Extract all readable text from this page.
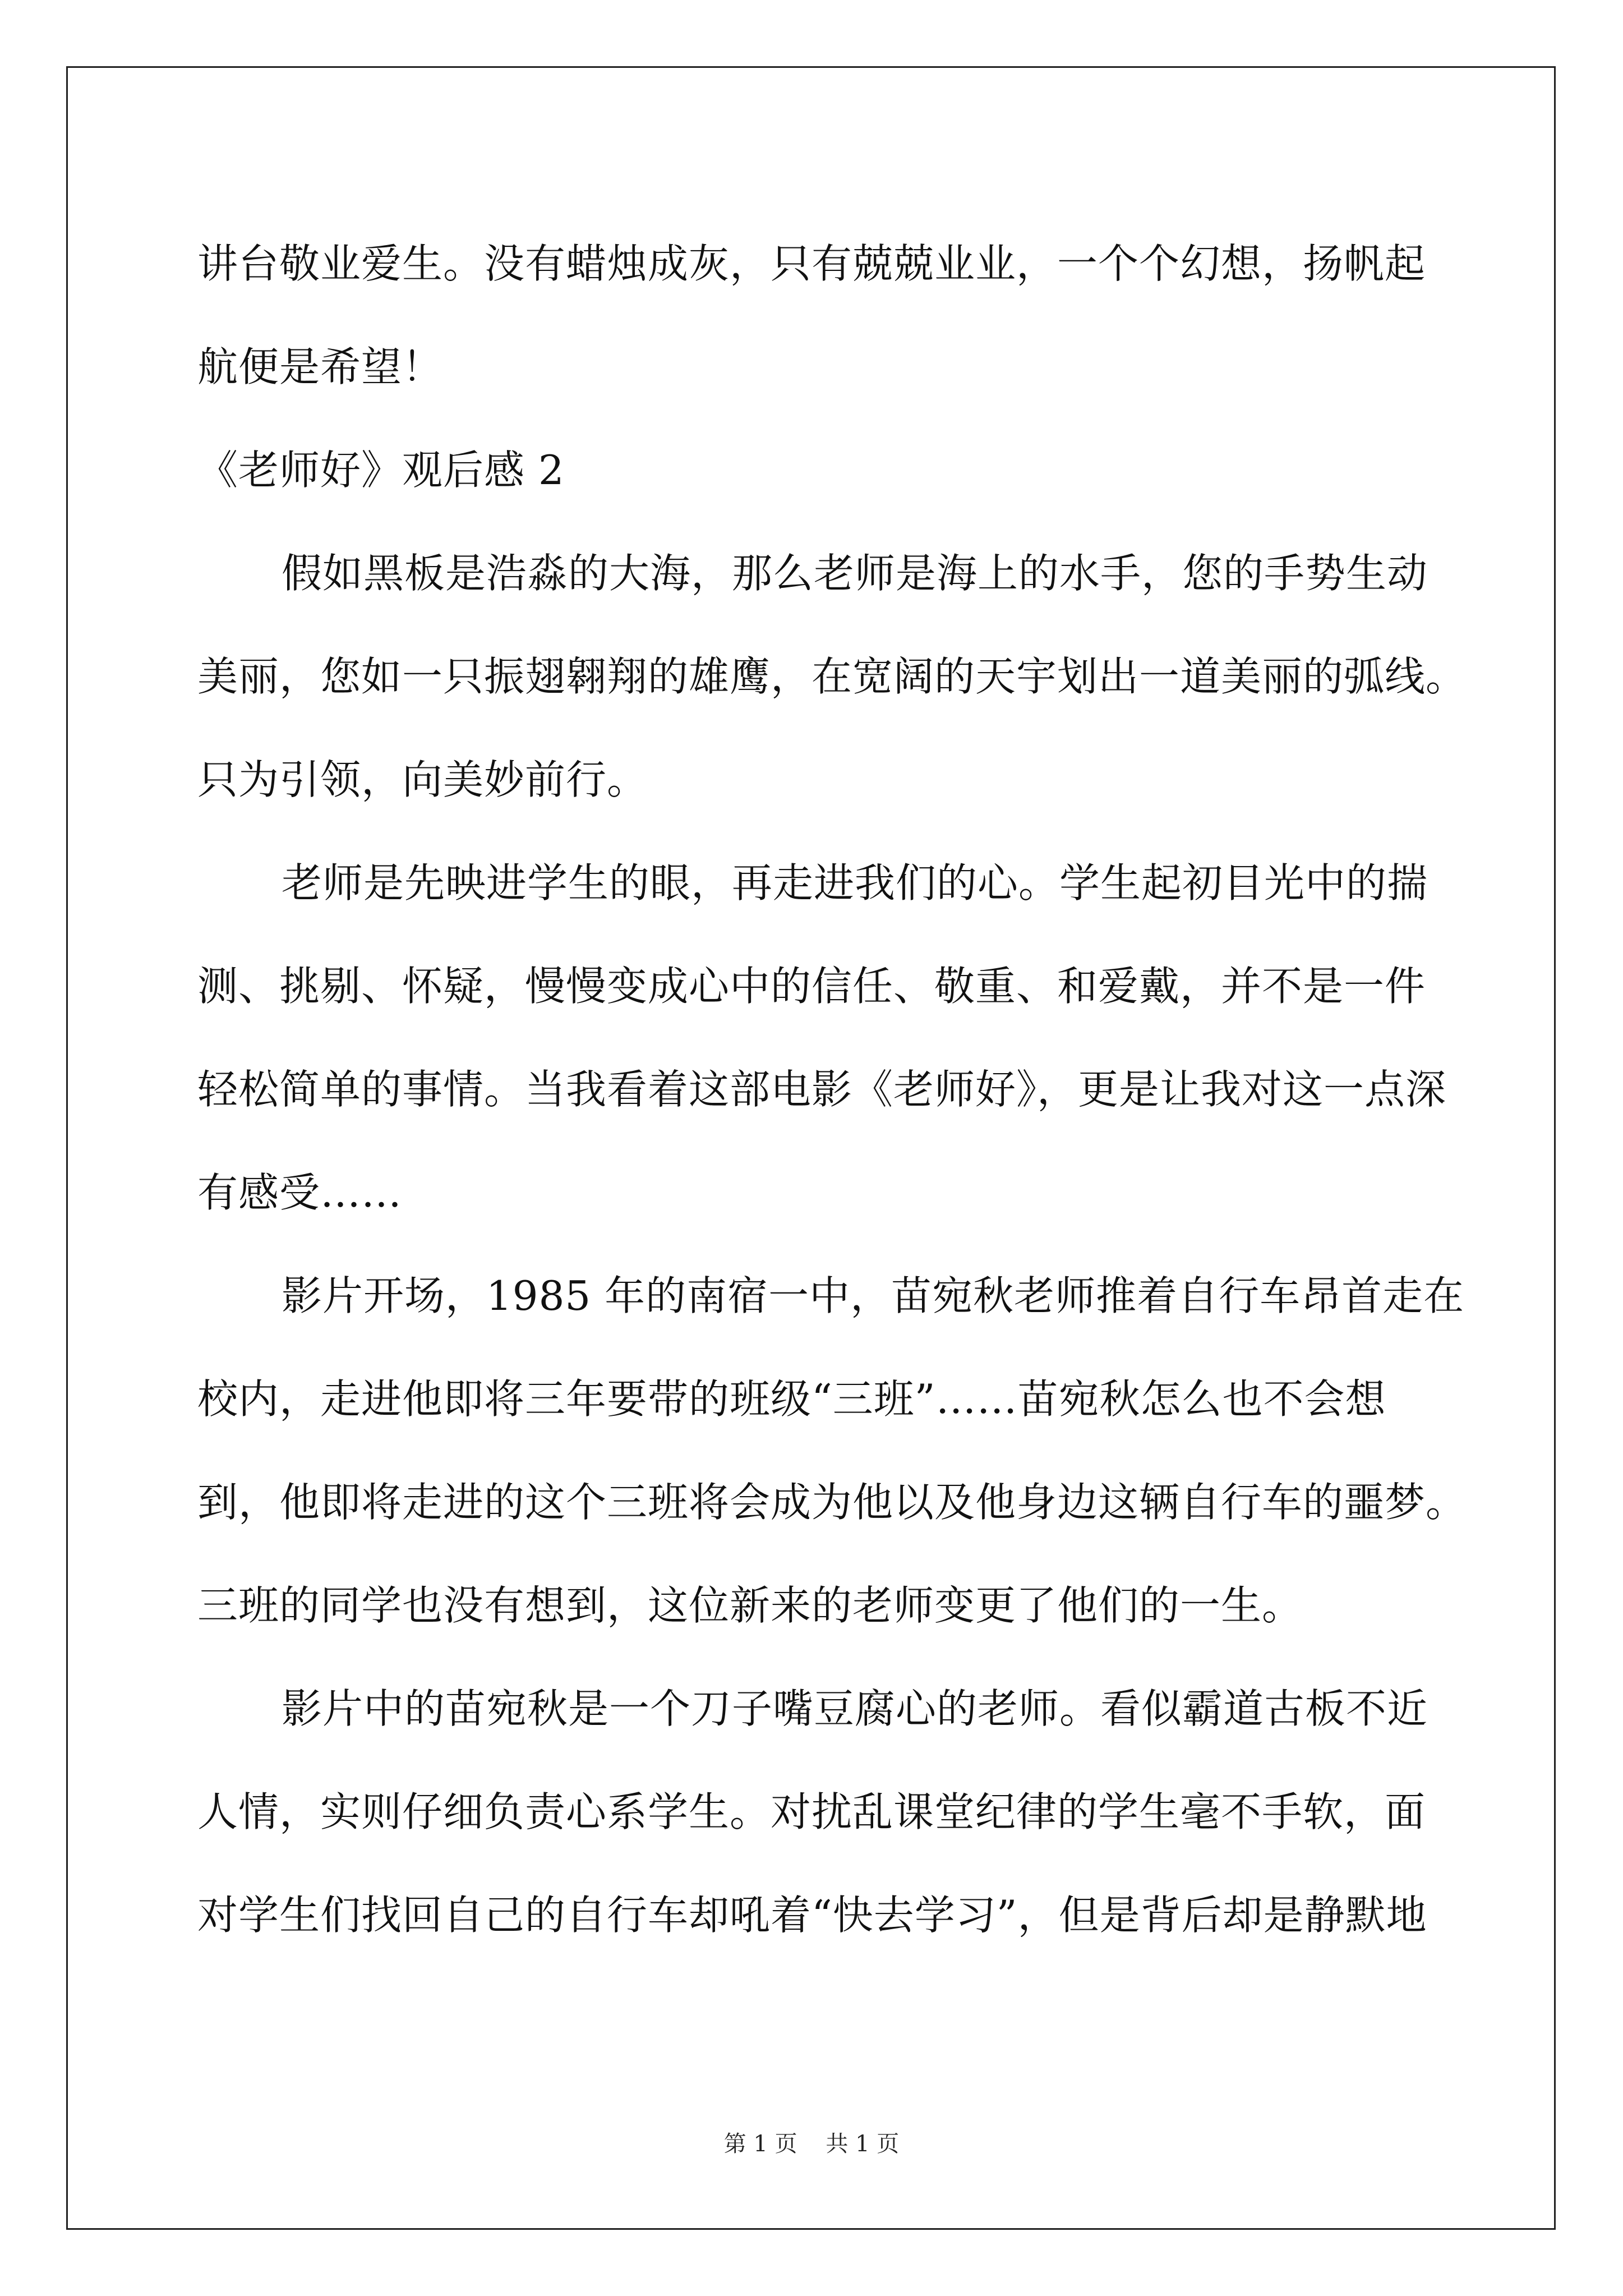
讲台敬业爱生。没有蜡烛成灰，只有兢兢业业，一个个幻想，扬帆起
航便是希望！
《老师好》观后感 2
假如黑板是浩淼的大海，那么老师是海上的水手，您的手势生动
美丽，您如一只振翅翱翔的雄鹰，在宽阔的天宇划出一道美丽的弧线。
只为引领，向美妙前行。
老师是先映进学生的眼，再走进我们的心。学生起初目光中的揣
测、挑剔、怀疑，慢慢变成心中的信任、敬重、和爱戴，并不是一件
轻松简单的事情。当我看着这部电影《老师好》，更是让我对这一点深
有感受……
影片开场，1985 年的南宿一中，苗宛秋老师推着自行车昂首走在
校内，走进他即将三年要带的班级“三班”……苗宛秋怎么也不会想
到，他即将走进的这个三班将会成为他以及他身边这辆自行车的噩梦。
三班的同学也没有想到，这位新来的老师变更了他们的一生。
影片中的苗宛秋是一个刀子嘴豆腐心的老师。看似霸道古板不近
人情，实则仔细负责心系学生。对扰乱课堂纪律的学生毫不手软，面
对学生们找回自己的自行车却吼着“快去学习”，但是背后却是静默地
第 1 页    共 1 页
